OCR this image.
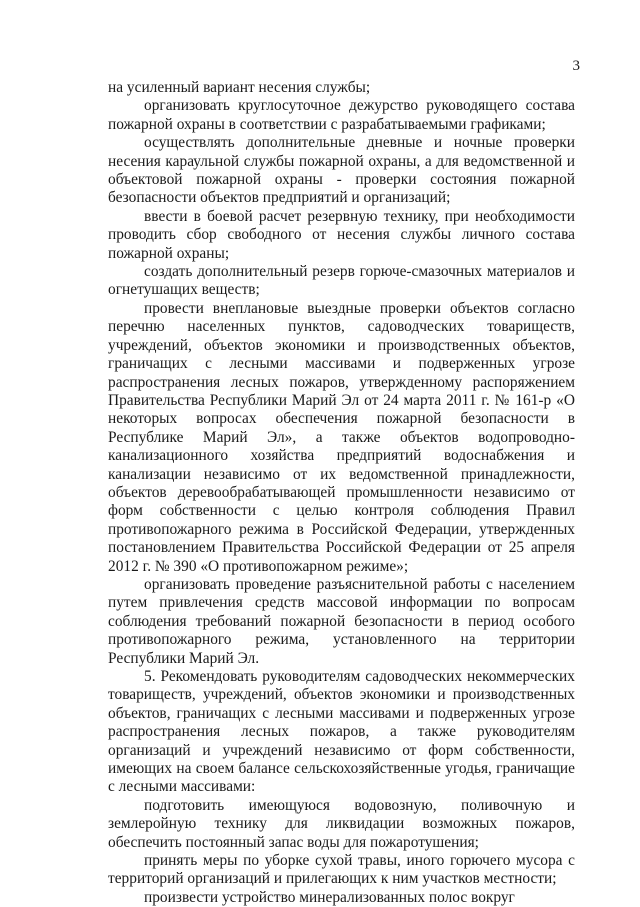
3

на усиленный вариант несения службы;

организовать круглосуточное дежурство руководящего состава пожарной охраны в соответствии с разрабатываемыми графиками;

осуществлять дополнительные дневные и ночные проверки несения караульной службы пожарной охраны, а для ведомственной и объектовой пожарной охраны - проверки состояния пожарной безопасности объектов предприятий и организаций;

ввести в боевой расчет резервную технику, при необходимости проводить сбор свободного от несения службы личного состава пожарной охраны;

создать дополнительный резерв горюче-смазочных материалов и огнетушащих веществ;

провести внеплановые выездные проверки объектов согласно перечню населенных пунктов, садоводческих товариществ, учреждений, объектов экономики и производственных объектов, граничащих с лесными массивами и подверженных угрозе распространения лесных пожаров, утвержденному распоряжением Правительства Республики Марий Эл от 24 марта 2011 г. № 161-р «О некоторых вопросах обеспечения пожарной безопасности в Республике Марий Эл», а также объектов водопроводно-канализационного хозяйства предприятий водоснабжения и канализации независимо от их ведомственной принадлежности, объектов деревообрабатывающей промышленности независимо от форм собственности с целью контроля соблюдения Правил противопожарного режима в Российской Федерации, утвержденных постановлением Правительства Российской Федерации от 25 апреля 2012 г. № 390 «О противопожарном режиме»;

организовать проведение разъяснительной работы с населением путем привлечения средств массовой информации по вопросам соблюдения требований пожарной безопасности в период особого противопожарного режима, установленного на территории Республики Марий Эл.

5. Рекомендовать руководителям садоводческих некоммерческих товариществ, учреждений, объектов экономики и производственных объектов, граничащих с лесными массивами и подверженных угрозе распространения лесных пожаров, а также руководителям организаций и учреждений независимо от форм собственности, имеющих на своем балансе сельскохозяйственные угодья, граничащие с лесными массивами:

подготовить имеющуюся водовозную, поливочную и землеройную технику для ликвидации возможных пожаров, обеспечить постоянный запас воды для пожаротушения;

принять меры по уборке сухой травы, иного горючего мусора с территорий организаций и прилегающих к ним участков местности;

произвести устройство минерализованных полос вокруг
